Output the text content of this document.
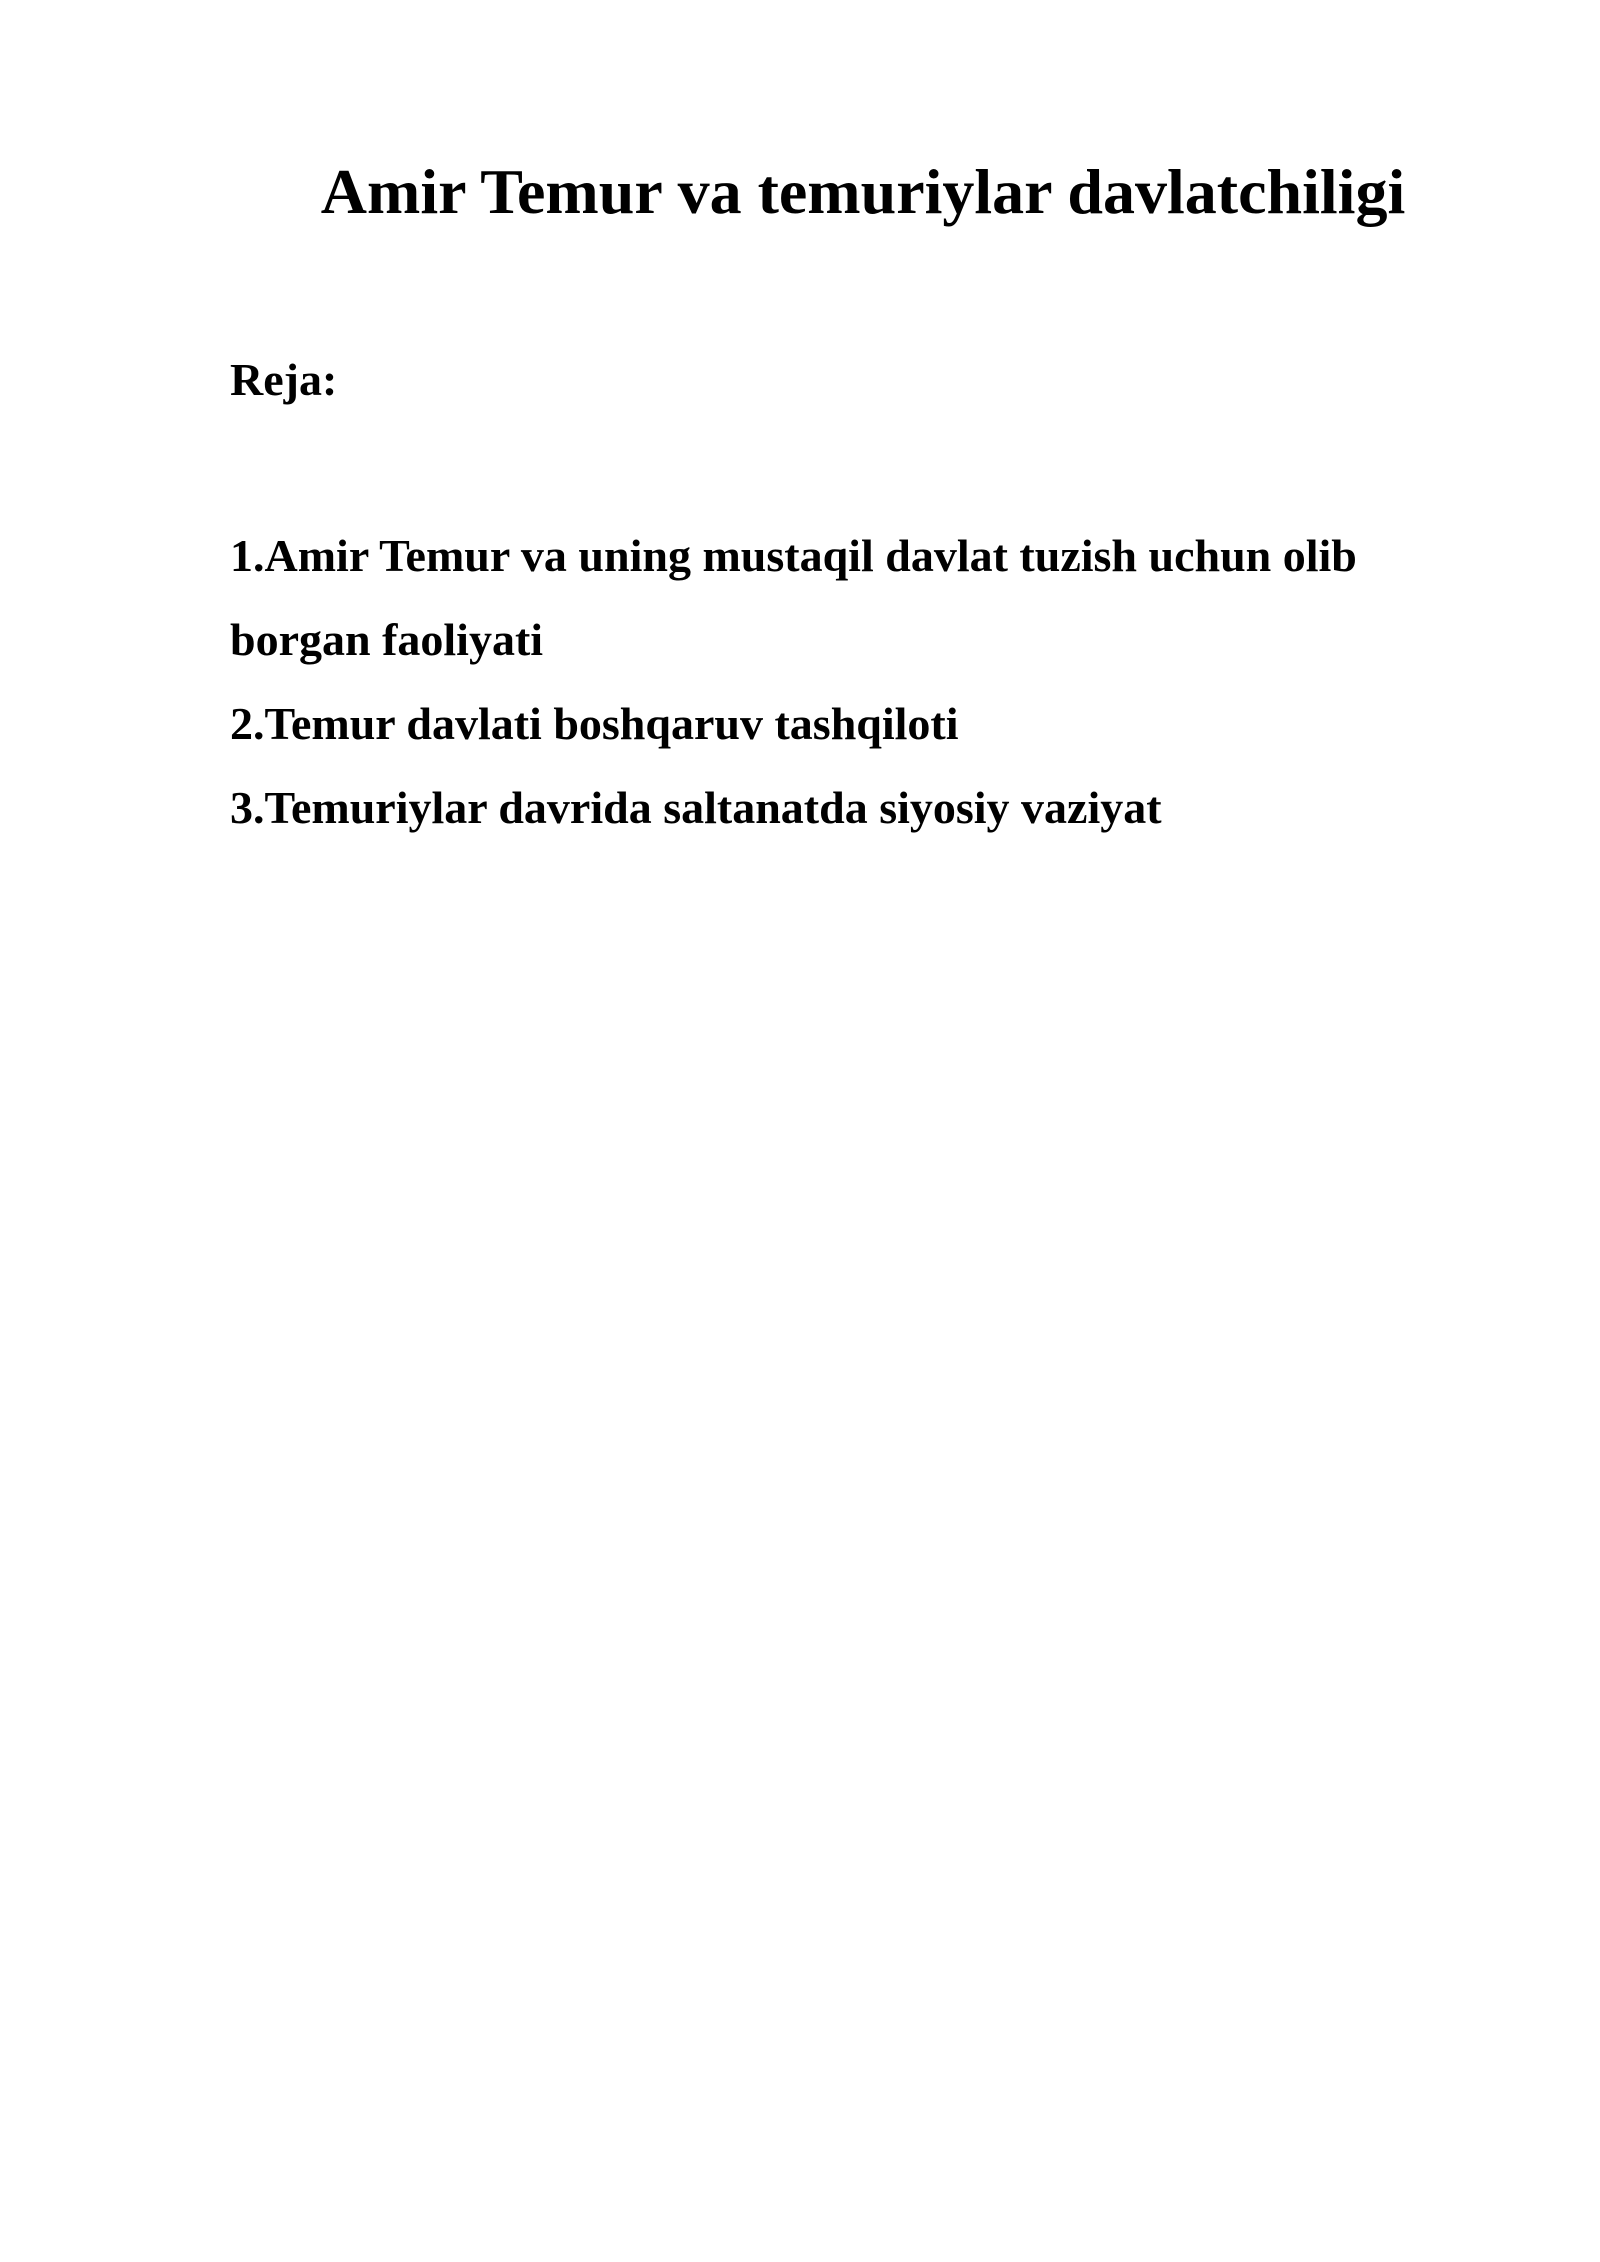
Amir Temur va temuriylar davlatchiligi

Reja:

1.Amir Temur va uning mustaqil davlat tuzish uchun olib borgan faoliyati
2.Temur davlati boshqaruv tashqiloti
3.Temuriylar davrida saltanatda siyosiy vaziyat
